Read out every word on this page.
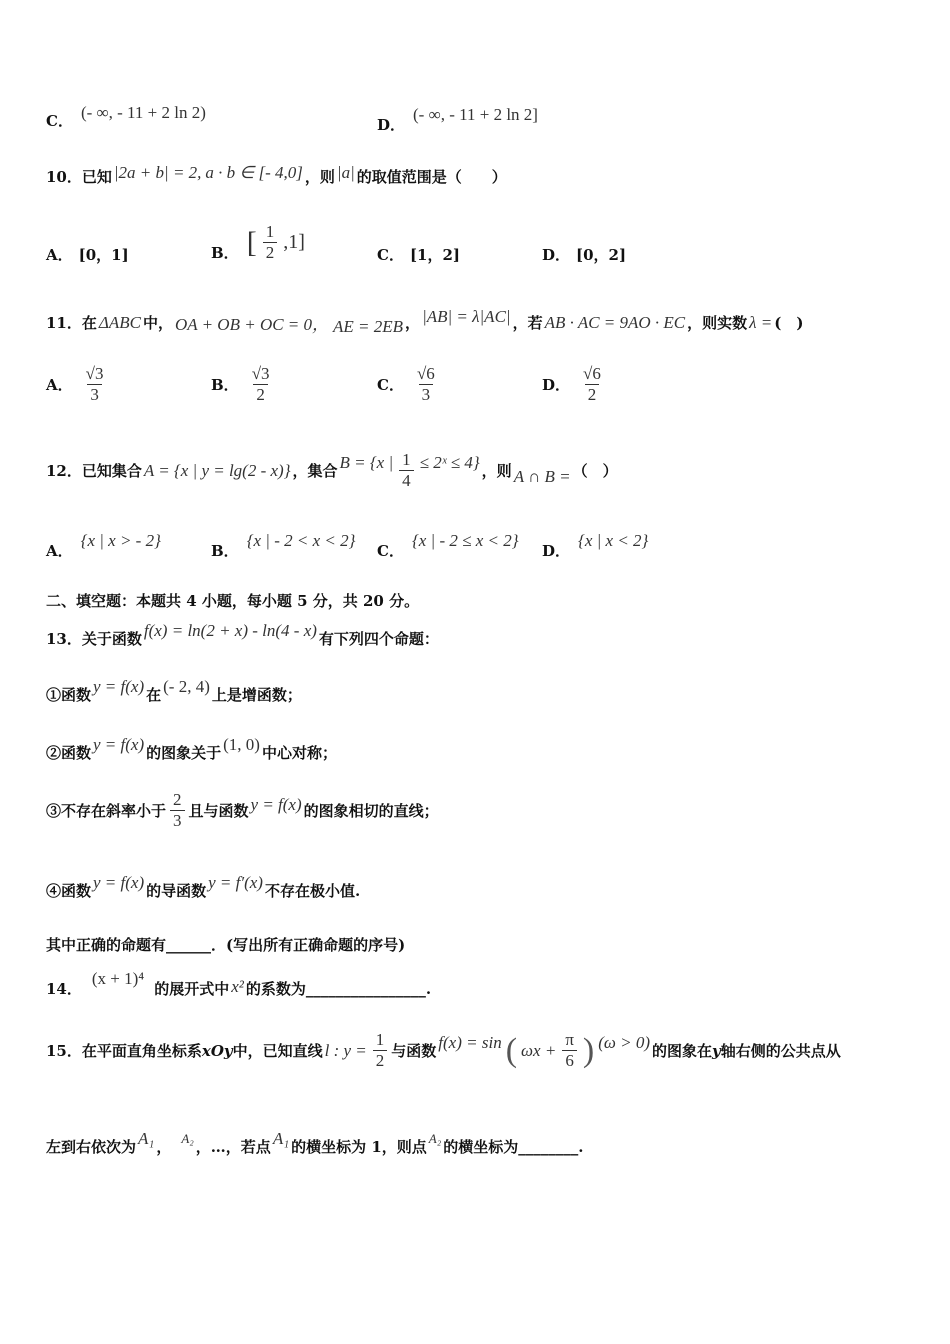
C． (- ∞, - 11 + 2 ln 2)
D．
(- ∞, - 11 + 2 ln 2]
10．已知 |2a + b| = 2, a · b ∈ [- 4,0] ，则 |a| 的取值范围是（　　）
A． [0，1]	B． [ $\frac{1}{2} ,1$]
C． [1，2]	D． [0，2]
11．在 ΔABC 中， OA + OB + OC = 0， AE = 2EB ， |AB| = λ|AC| ，若 AB · AC = 9AO · EC ，则实数 λ = (　)
A． $\frac{√3}{3}$	B． $\frac{√3}{2}$	C． $\frac{√6}{3}$	D． $\frac{√6}{2}$
12．已知集合 A = {x | y = lg(2 - x)} ，集合 B = {x | $\frac{1}{4}$ ≤ 2ˣ ≤ 4} ，则 A ∩ B = （　）
A．
{x | x > - 2}
B．
{x | - 2 < x < 2}
C．
{x | - 2 ≤ x < 2}
D．
{x | x < 2}
二、填空题：本题共 4 小题，每小题 5 分，共 20 分。
13．关于函数 f(x) = ln(2 + x) - ln(4 - x) 有下列四个命题：
①函数 y = f(x) 在 (- 2, 4) 上是增函数；
②函数 y = f(x) 的图象关于 (1, 0) 中心对称；
③不存在斜率小于 $\frac{2}{3}$ 且与函数 y = f(x) 的图象相切的直线；
④函数 y = f(x) 的导函数 y = f′(x) 不存在极小值.
其中正确的命题有______．(写出所有正确命题的序号)
14．
(x + 1)⁴
的展开式中 x² 的系数为________________.
15．在平面直角坐标系 xOy 中，已知直线 l : $y = \frac{1}{2}$ 与函数 f(x) = sin ( $\omega x + \frac{\pi}{6}$ ) (ω > 0) 的图象在 y 轴右侧的公共点从
左到右依次为 A₁ ， A₂ ，…，若点 A₁ 的横坐标为 1，则点 A₂ 的横坐标为________.
